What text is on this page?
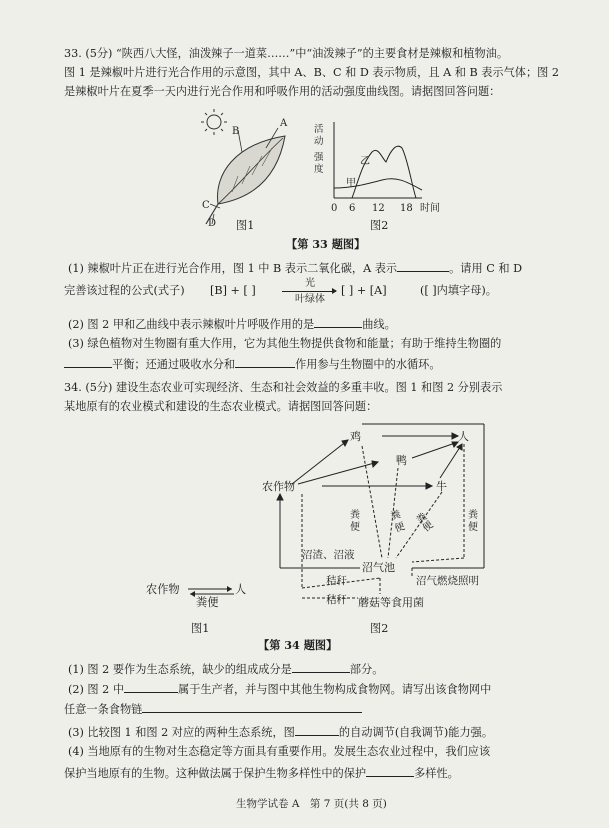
33. (5分) “陕西八大怪，油泼辣子一道菜……”中“油泼辣子”的主要食材是辣椒和植物油。
图 1 是辣椒叶片进行光合作用的示意图，其中 A、B、C 和 D 表示物质，且 A 和 B 表示气体；图 2
是辣椒叶片在夏季一天内进行光合作用和呼吸作用的活动强度曲线图。请据图回答问题：
B
A
C
D 图1
活
动
强
度
乙
甲
0 6 12 18 时间
图2
【第 33 题图】
(1) 辣椒叶片正在进行光合作用，图 1 中 B 表示二氧化碳，A 表示	。请用 C 和 D
完善该过程的公式(式子) [B] + [ ]
光
叶绿体
[ ] + [A]	([ ]内填字母)。
(2) 图 2 甲和乙曲线中表示辣椒叶片呼吸作用的是	曲线。
(3) 绿色植物对生物圈有重大作用，它为其他生物提供食物和能量；有助于维持生物圈的
平衡；还通过吸收水分和	作用参与生物圈中的水循环。
34. (5分) 建设生态农业可实现经济、生态和社会效益的多重丰收。图 1 和图 2 分别表示
某地原有的农业模式和建设的生态农业模式。请据图回答问题：
农作物	人
粪便
图1
鸡	人
鸭
农作物	牛
沼气池
蘑菇等食用菌
沼渣、沼液
秸秆
秸秆
沼气燃烧照明
粪
便
粪
便
粪
便
粪
便
图2
【第 34 题图】
(1) 图 2 要作为生态系统，缺少的组成成分是	部分。
(2) 图 2 中	属于生产者，并与图中其他生物构成食物网。请写出该食物网中
任意一条食物链
(3) 比较图 1 和图 2 对应的两种生态系统，图	的自动调节(自我调节)能力强。
(4) 当地原有的生物对生态稳定等方面具有重要作用。发展生态农业过程中，我们应该
保护当地原有的生物。这种做法属于保护生物多样性中的保护	多样性。
生物学试卷 A　第 7 页(共 8 页)
